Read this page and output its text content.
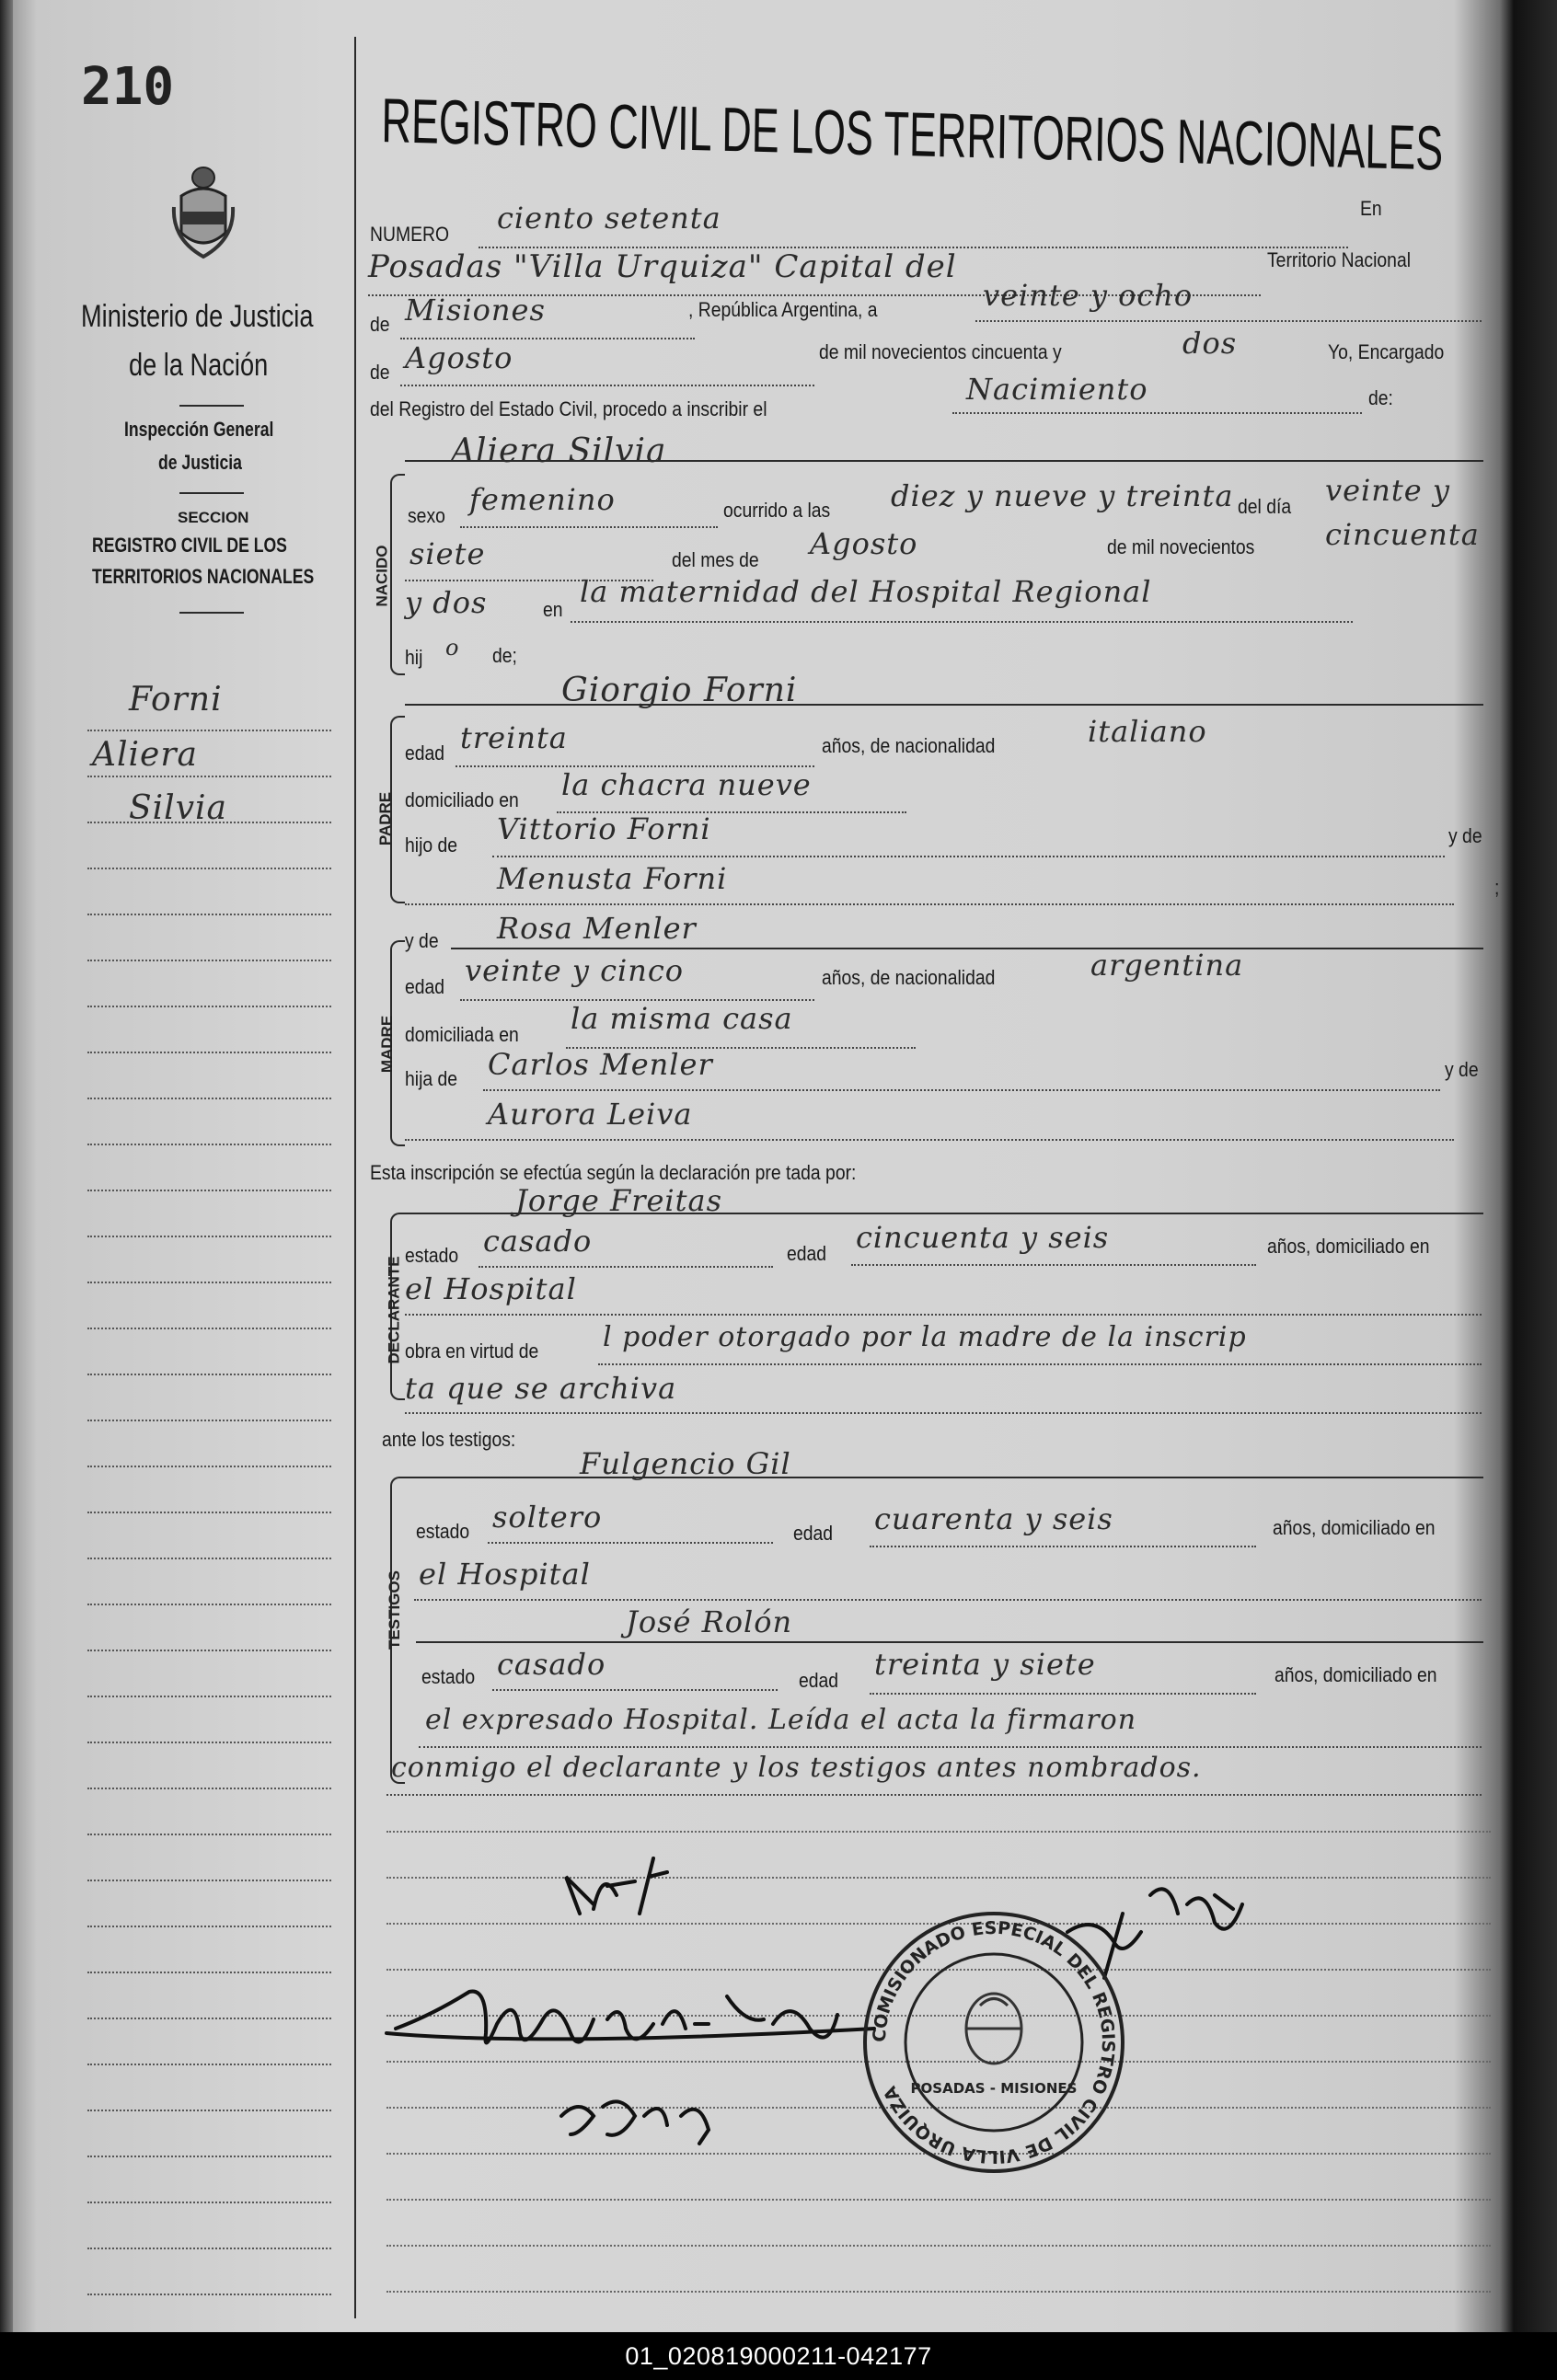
210
Ministerio de Justicia
de la Nación
Inspección General
de Justicia
SECCION
REGISTRO CIVIL DE LOS
TERRITORIOS NACIONALES
Forni
Aliera
Silvia
REGISTRO CIVIL DE LOS TERRITORIOS NACIONALES
NUMERO ciento setenta	En
Posadas "Villa Urquiza" Capital del	Territorio Nacional
de Misiones	, República Argentina, a	veinte y ocho
de Agosto	de mil novecientos cincuenta y	dos	Yo, Encargado
del Registro del Estado Civil, procedo a inscribir el
Nacimiento	de:
Aliera Silvia
NACIDO
sexo femenino	ocurrido a las diez y nueve y treinta del día veinte y
siete	del mes de Agosto	de mil novecientos cincuenta
y dos	en
la maternidad del Hospital Regional
hij o de;
Giorgio Forni
PADRE
edad treinta	años, de nacionalidad	italiano
domiciliado en la chacra nueve
hijo de Vittorio Forni	y de
Menusta Forni	;
MADRE
y de Rosa Menler
edad veinte y cinco	años, de nacionalidad	argentina
domiciliada en la misma casa
hija de Carlos Menler	y de
Aurora Leiva
Esta inscripción se efectúa según la declaración pre tada por:
Jorge Freitas
DECLARANTE
estado casado	edad cincuenta y seis	años, domiciliado en
el Hospital
obra en virtud de l poder otorgado por la madre de la inscrip
ta que se archiva
ante los testigos:
Fulgencio Gil
TESTIGOS
estado soltero	edad cuarenta y seis	años, domiciliado en
el Hospital
José Rolón
estado casado	edad treinta y siete	años, domiciliado en
el expresado Hospital. Leída el acta la firmaron
conmigo el declarante y los testigos antes nombrados.
COMISIONADO ESPECIAL DEL REGISTRO CIVIL DE VILLA URQUIZA POSADAS - MISIONES
01_020819000211-042177
